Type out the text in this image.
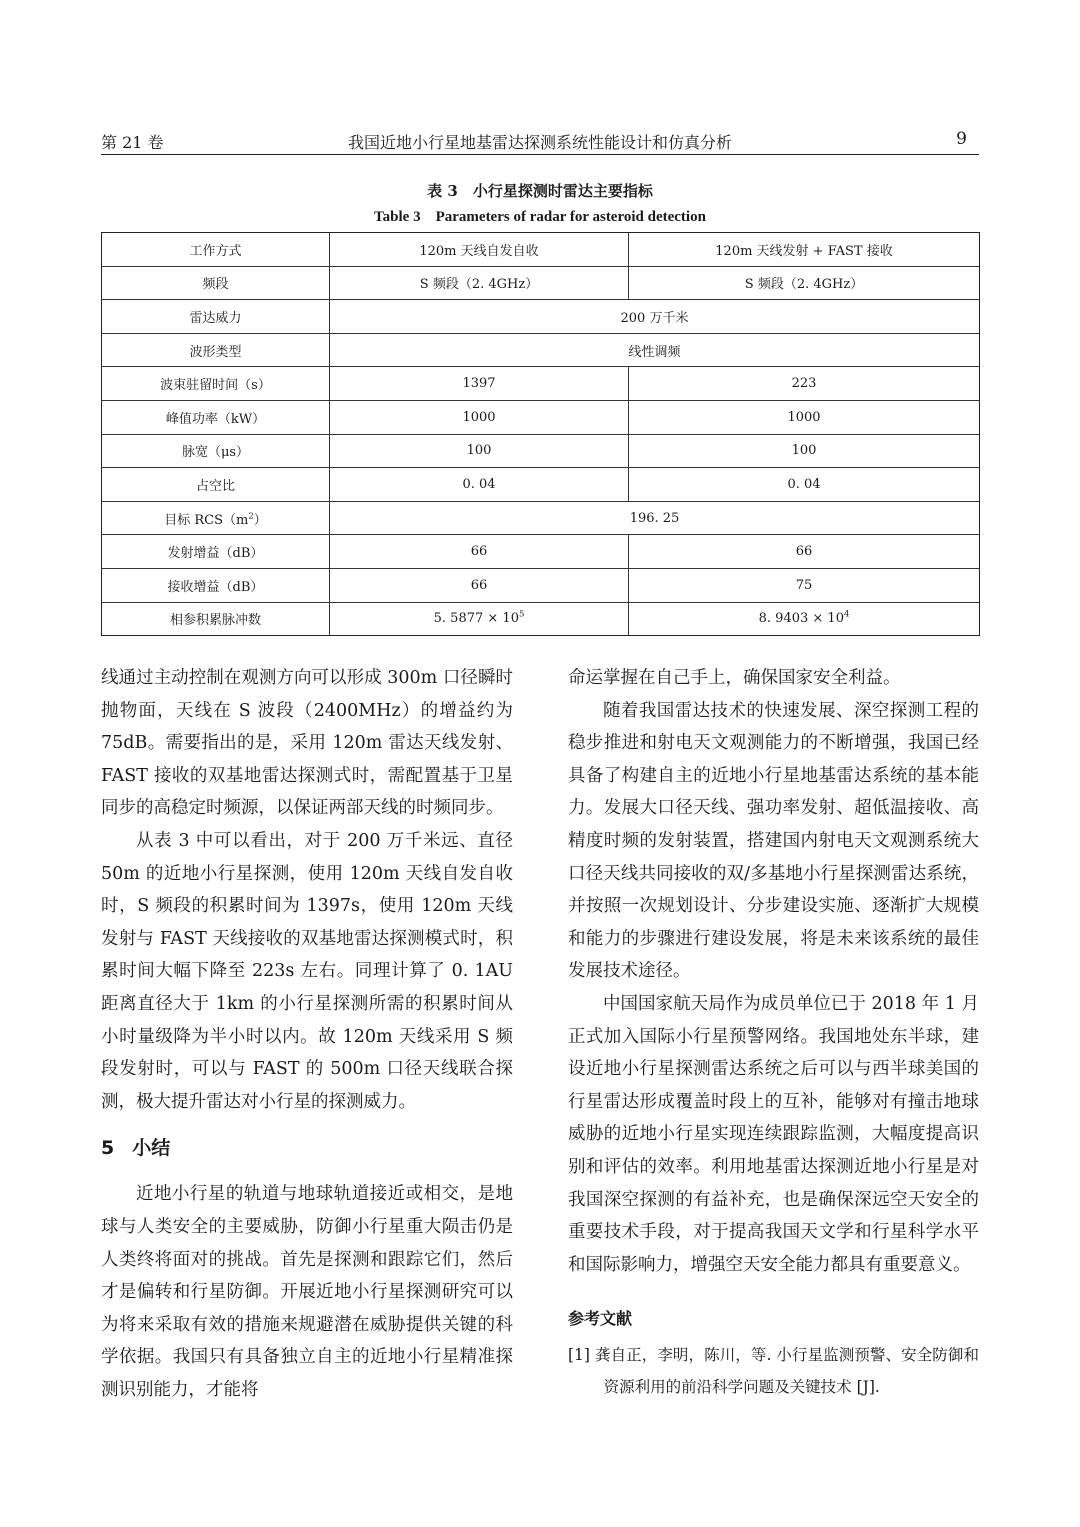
第 21 卷	我国近地小行星地基雷达探测系统性能设计和仿真分析	9
表 3　小行星探测时雷达主要指标
Table 3　Parameters of radar for asteroid detection
工作方式	120m 天线自发自收	120m 天线发射 + FAST 接收
频段	S 频段（2. 4GHz）	S 频段（2. 4GHz）
雷达威力	200 万千米	
波形类型	线性调频	
波束驻留时间（s）	1397	223
峰值功率（kW）	1000	1000
脉宽（μs）	100	100
占空比	0. 04	0. 04
目标 $RCS(m^2)$	196. 25	
发射增益（dB）	66	66
接收增益（dB）	66	75
相参积累脉冲数	5. $5877 \times 10^5$	8. $9403 \times 10^4$

线通过主动控制在观测方向可以形成 300m 口径瞬时抛物面，天线在 S 波段（2400MHz）的增益约为 75dB。需要指出的是，采用 120m 雷达天线发射、FAST 接收的双基地雷达探测式时，需配置基于卫星同步的高稳定时频源，以保证两部天线的时频同步。

从表 3 中可以看出，对于 200 万千米远、直径 50m 的近地小行星探测，使用 120m 天线自发自收时，S 频段的积累时间为 1397s，使用 120m 天线发射与 FAST 天线接收的双基地雷达探测模式时，积累时间大幅下降至 223s 左右。同理计算了 0. 1AU 距离直径大于 1km 的小行星探测所需的积累时间从小时量级降为半小时以内。故 120m 天线采用 S 频段发射时，可以与 FAST 的 500m 口径天线联合探测，极大提升雷达对小行星的探测威力。

5 小结

近地小行星的轨道与地球轨道接近或相交，是地球与人类安全的主要威胁，防御小行星重大陨击仍是人类终将面对的挑战。首先是探测和跟踪它们，然后才是偏转和行星防御。开展近地小行星探测研究可以为将来采取有效的措施来规避潜在威胁提供关键的科学依据。我国只有具备独立自主的近地小行星精准探测识别能力，才能将

命运掌握在自己手上，确保国家安全利益。

随着我国雷达技术的快速发展、深空探测工程的稳步推进和射电天文观测能力的不断增强，我国已经具备了构建自主的近地小行星地基雷达系统的基本能力。发展大口径天线、强功率发射、超低温接收、高精度时频的发射装置，搭建国内射电天文观测系统大口径天线共同接收的双/多基地小行星探测雷达系统，并按照一次规划设计、分步建设实施、逐渐扩大规模和能力的步骤进行建设发展，将是未来该系统的最佳发展技术途径。

中国国家航天局作为成员单位已于 2018 年 1 月正式加入国际小行星预警网络。我国地处东半球，建设近地小行星探测雷达系统之后可以与西半球美国的行星雷达形成覆盖时段上的互补，能够对有撞击地球威胁的近地小行星实现连续跟踪监测，大幅度提高识别和评估的效率。利用地基雷达探测近地小行星是对我国深空探测的有益补充，也是确保深远空天安全的重要技术手段，对于提高我国天文学和行星科学水平和国际影响力，增强空天安全能力都具有重要意义。

参考文献
[1] 龚自正，李明，陈川，等. 小行星监测预警、安全防御和资源利用的前沿科学问题及关键技术 [J].
